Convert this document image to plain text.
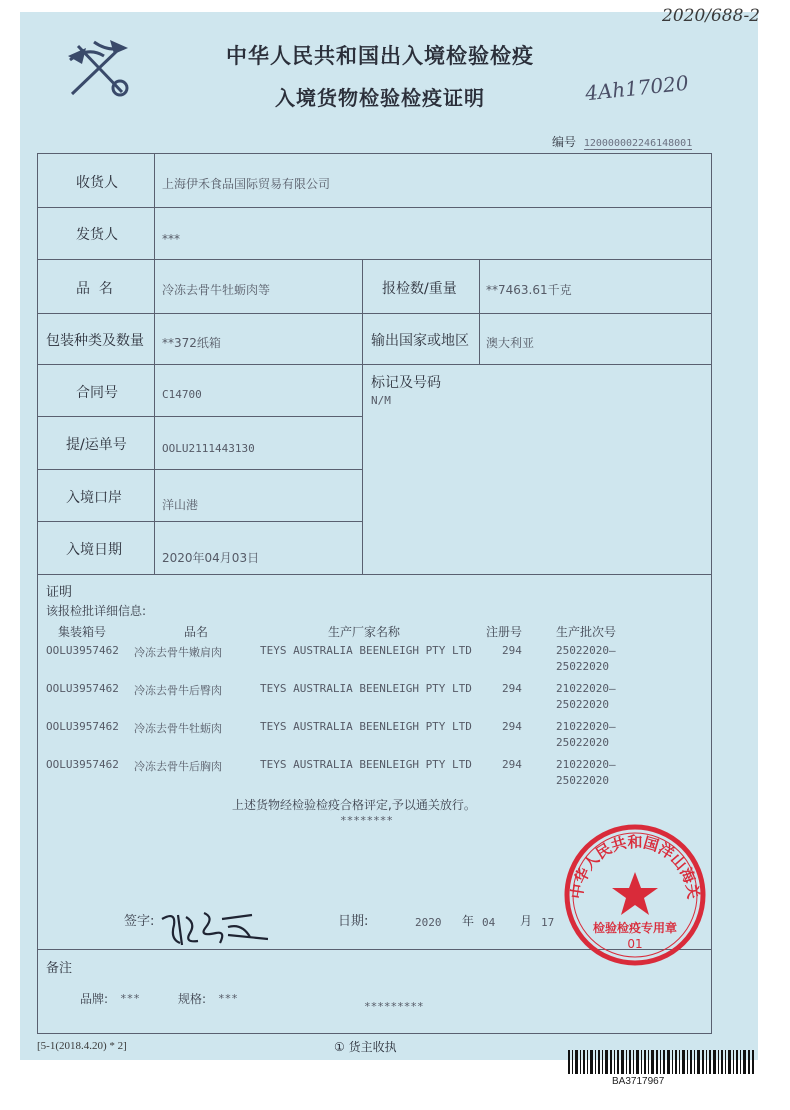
2020/688-2
中华人民共和国出入境检验检疫
入境货物检验检疫证明	4Ah17020
编号 120000002246148001
收货人	上海伊禾食品国际贸易有限公司
发货人	***
品  名	冷冻去骨牛牡蛎肉等	报检数/重量 **7463.61千克
包装种类及数量 **372纸箱	输出国家或地区 澳大利亚
合同号	C14700
标记及号码
N/M
提/运单号	OOLU2111443130
入境口岸	洋山港
入境日期	2020年04月03日
证明
该报检批详细信息:
集装箱号	品名	生产厂家名称	注册号	生产批次号
OOLU3957462 冷冻去骨牛嫩肩肉	TEYS AUSTRALIA BEENLEIGH PTY LTD	294	25022020—
25022020
OOLU3957462 冷冻去骨牛后臀肉	TEYS AUSTRALIA BEENLEIGH PTY LTD	294	21022020—
25022020
OOLU3957462 冷冻去骨牛牡蛎肉	TEYS AUSTRALIA BEENLEIGH PTY LTD	294	21022020—
25022020
OOLU3957462 冷冻去骨牛后胸肉	TEYS AUSTRALIA BEENLEIGH PTY LTD	294	21022020—
25022020
上述货物经检验检疫合格评定,予以通关放行。
********
签字:	日期:	2020 年 04 月 17
备注
品牌: ***	规格: ***
*********
中华人民共和国洋山海关
检验检疫专用章
01
[5-1(2018.4.20) * 2]	① 货主收执
BA3717967
